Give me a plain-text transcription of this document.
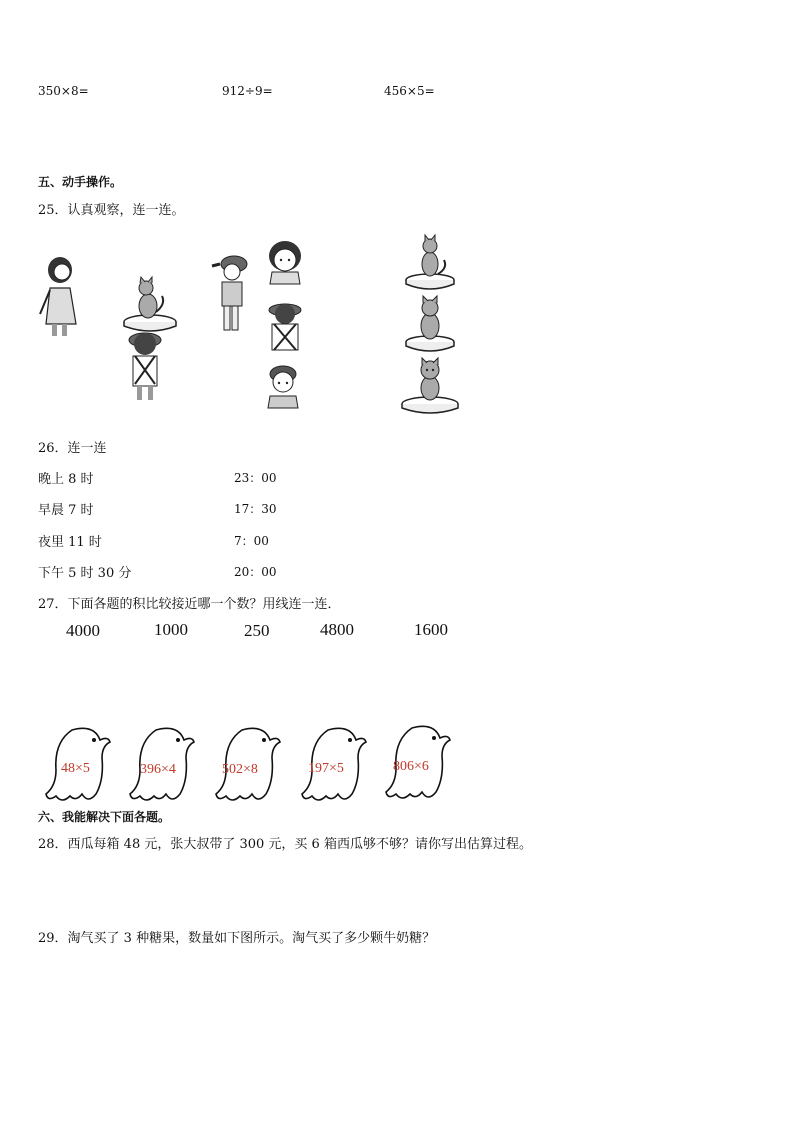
350×8=	912÷9=	456×5=
五、动手操作。
25．认真观察，连一连。
26．连一连
晚上 8 时
早晨 7 时
夜里 11 时
下午 5 时 30 分
23：00
17：30
7：00
20：00
27．下面各题的积比较接近哪一个数？用线连一连．
4000	1000	250	4800	1600
48×5	396×4	502×8	197×5	806×6
六、我能解决下面各题。
28．西瓜每箱 48 元，张大叔带了 300 元，买 6 箱西瓜够不够？请你写出估算过程。
29．淘气买了 3 种糖果，数量如下图所示。淘气买了多少颗牛奶糖？
